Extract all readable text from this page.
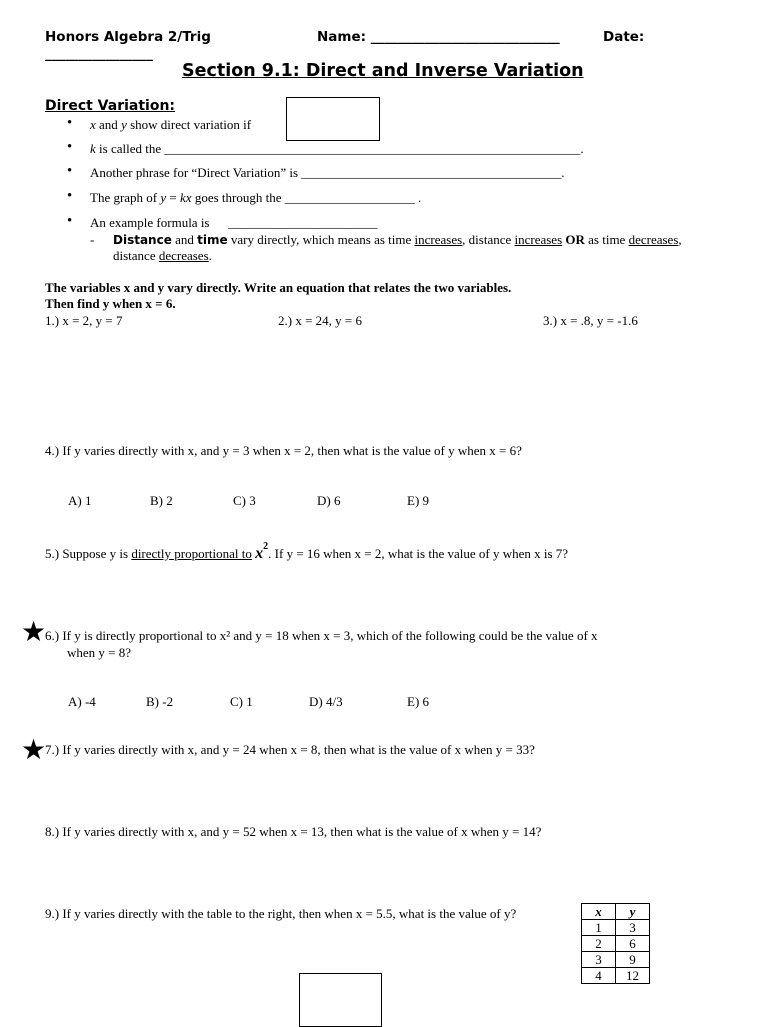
Honors Algebra 2/Trig	Name: ____________________________	Date:
________________
Section 9.1: Direct and Inverse Variation
Direct Variation:
• x and y show direct variation if
• k is called the ________________________________________________________________.
• Another phrase for “Direct Variation” is ________________________________________.
• The graph of y = kx goes through the ____________________ .
• An example formula is _______________________
- Distance and time vary directly, which means as time increases, distance increases OR as time decreases,
distance decreases.
The variables x and y vary directly. Write an equation that relates the two variables.
Then find y when x = 6.
1.) x = 2, y = 7	2.) x = 24, y = 6	3.) x = .8, y = -1.6
4.) If y varies directly with x, and y = 3 when x = 2, then what is the value of y when x = 6?
A) 1	B) 2	C) 3	D) 6	E) 9
5.) Suppose y is directly proportional to $x^2$. If y = 16 when x = 2, what is the value of y when x is 7?
★
6.) If y is directly proportional to x² and y = 18 when x = 3, which of the following could be the value of x
when y = 8?
A) -4	B) -2	C) 1	D) 4/3	E) 6
★
7.) If y varies directly with x, and y = 24 when x = 8, then what is the value of x when y = 33?
8.) If y varies directly with x, and y = 52 when x = 13, then what is the value of x when y = 14?
9.) If y varies directly with the table to the right, then when x = 5.5, what is the value of y?	x	y
1	3
2	6
3	9
4	12
